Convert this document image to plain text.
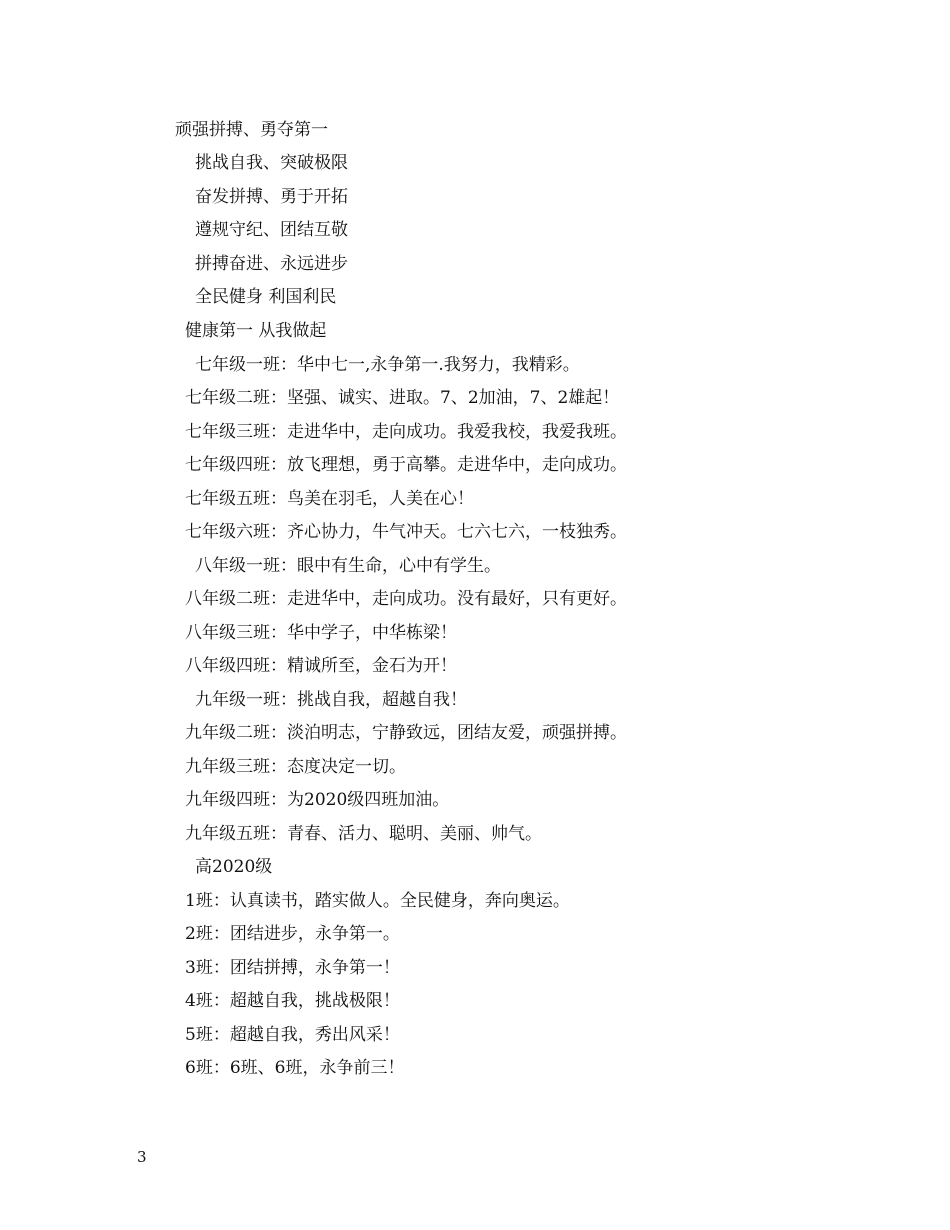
顽强拼搏、勇夺第一
挑战自我、突破极限
奋发拼搏、勇于开拓
遵规守纪、团结互敬
拼搏奋进、永远进步
全民健身 利国利民
健康第一 从我做起
七年级一班：华中七一,永争第一.我努力，我精彩。
七年级二班：坚强、诚实、进取。7、2加油，7、2雄起！
七年级三班：走进华中，走向成功。我爱我校，我爱我班。
七年级四班：放飞理想，勇于高攀。走进华中，走向成功。
七年级五班：鸟美在羽毛，人美在心！
七年级六班：齐心协力，牛气冲天。七六七六，一枝独秀。
八年级一班：眼中有生命，心中有学生。
八年级二班：走进华中，走向成功。没有最好，只有更好。
八年级三班：华中学子，中华栋梁！
八年级四班：精诚所至，金石为开！
九年级一班：挑战自我，超越自我！
九年级二班：淡泊明志，宁静致远，团结友爱，顽强拼搏。
九年级三班：态度决定一切。
九年级四班：为2020级四班加油。
九年级五班：青春、活力、聪明、美丽、帅气。
高2020级
1班：认真读书，踏实做人。全民健身，奔向奥运。
2班：团结进步，永争第一。
3班：团结拼搏，永争第一！
4班：超越自我，挑战极限！
5班：超越自我，秀出风采！
6班：6班、6班，永争前三！
3
